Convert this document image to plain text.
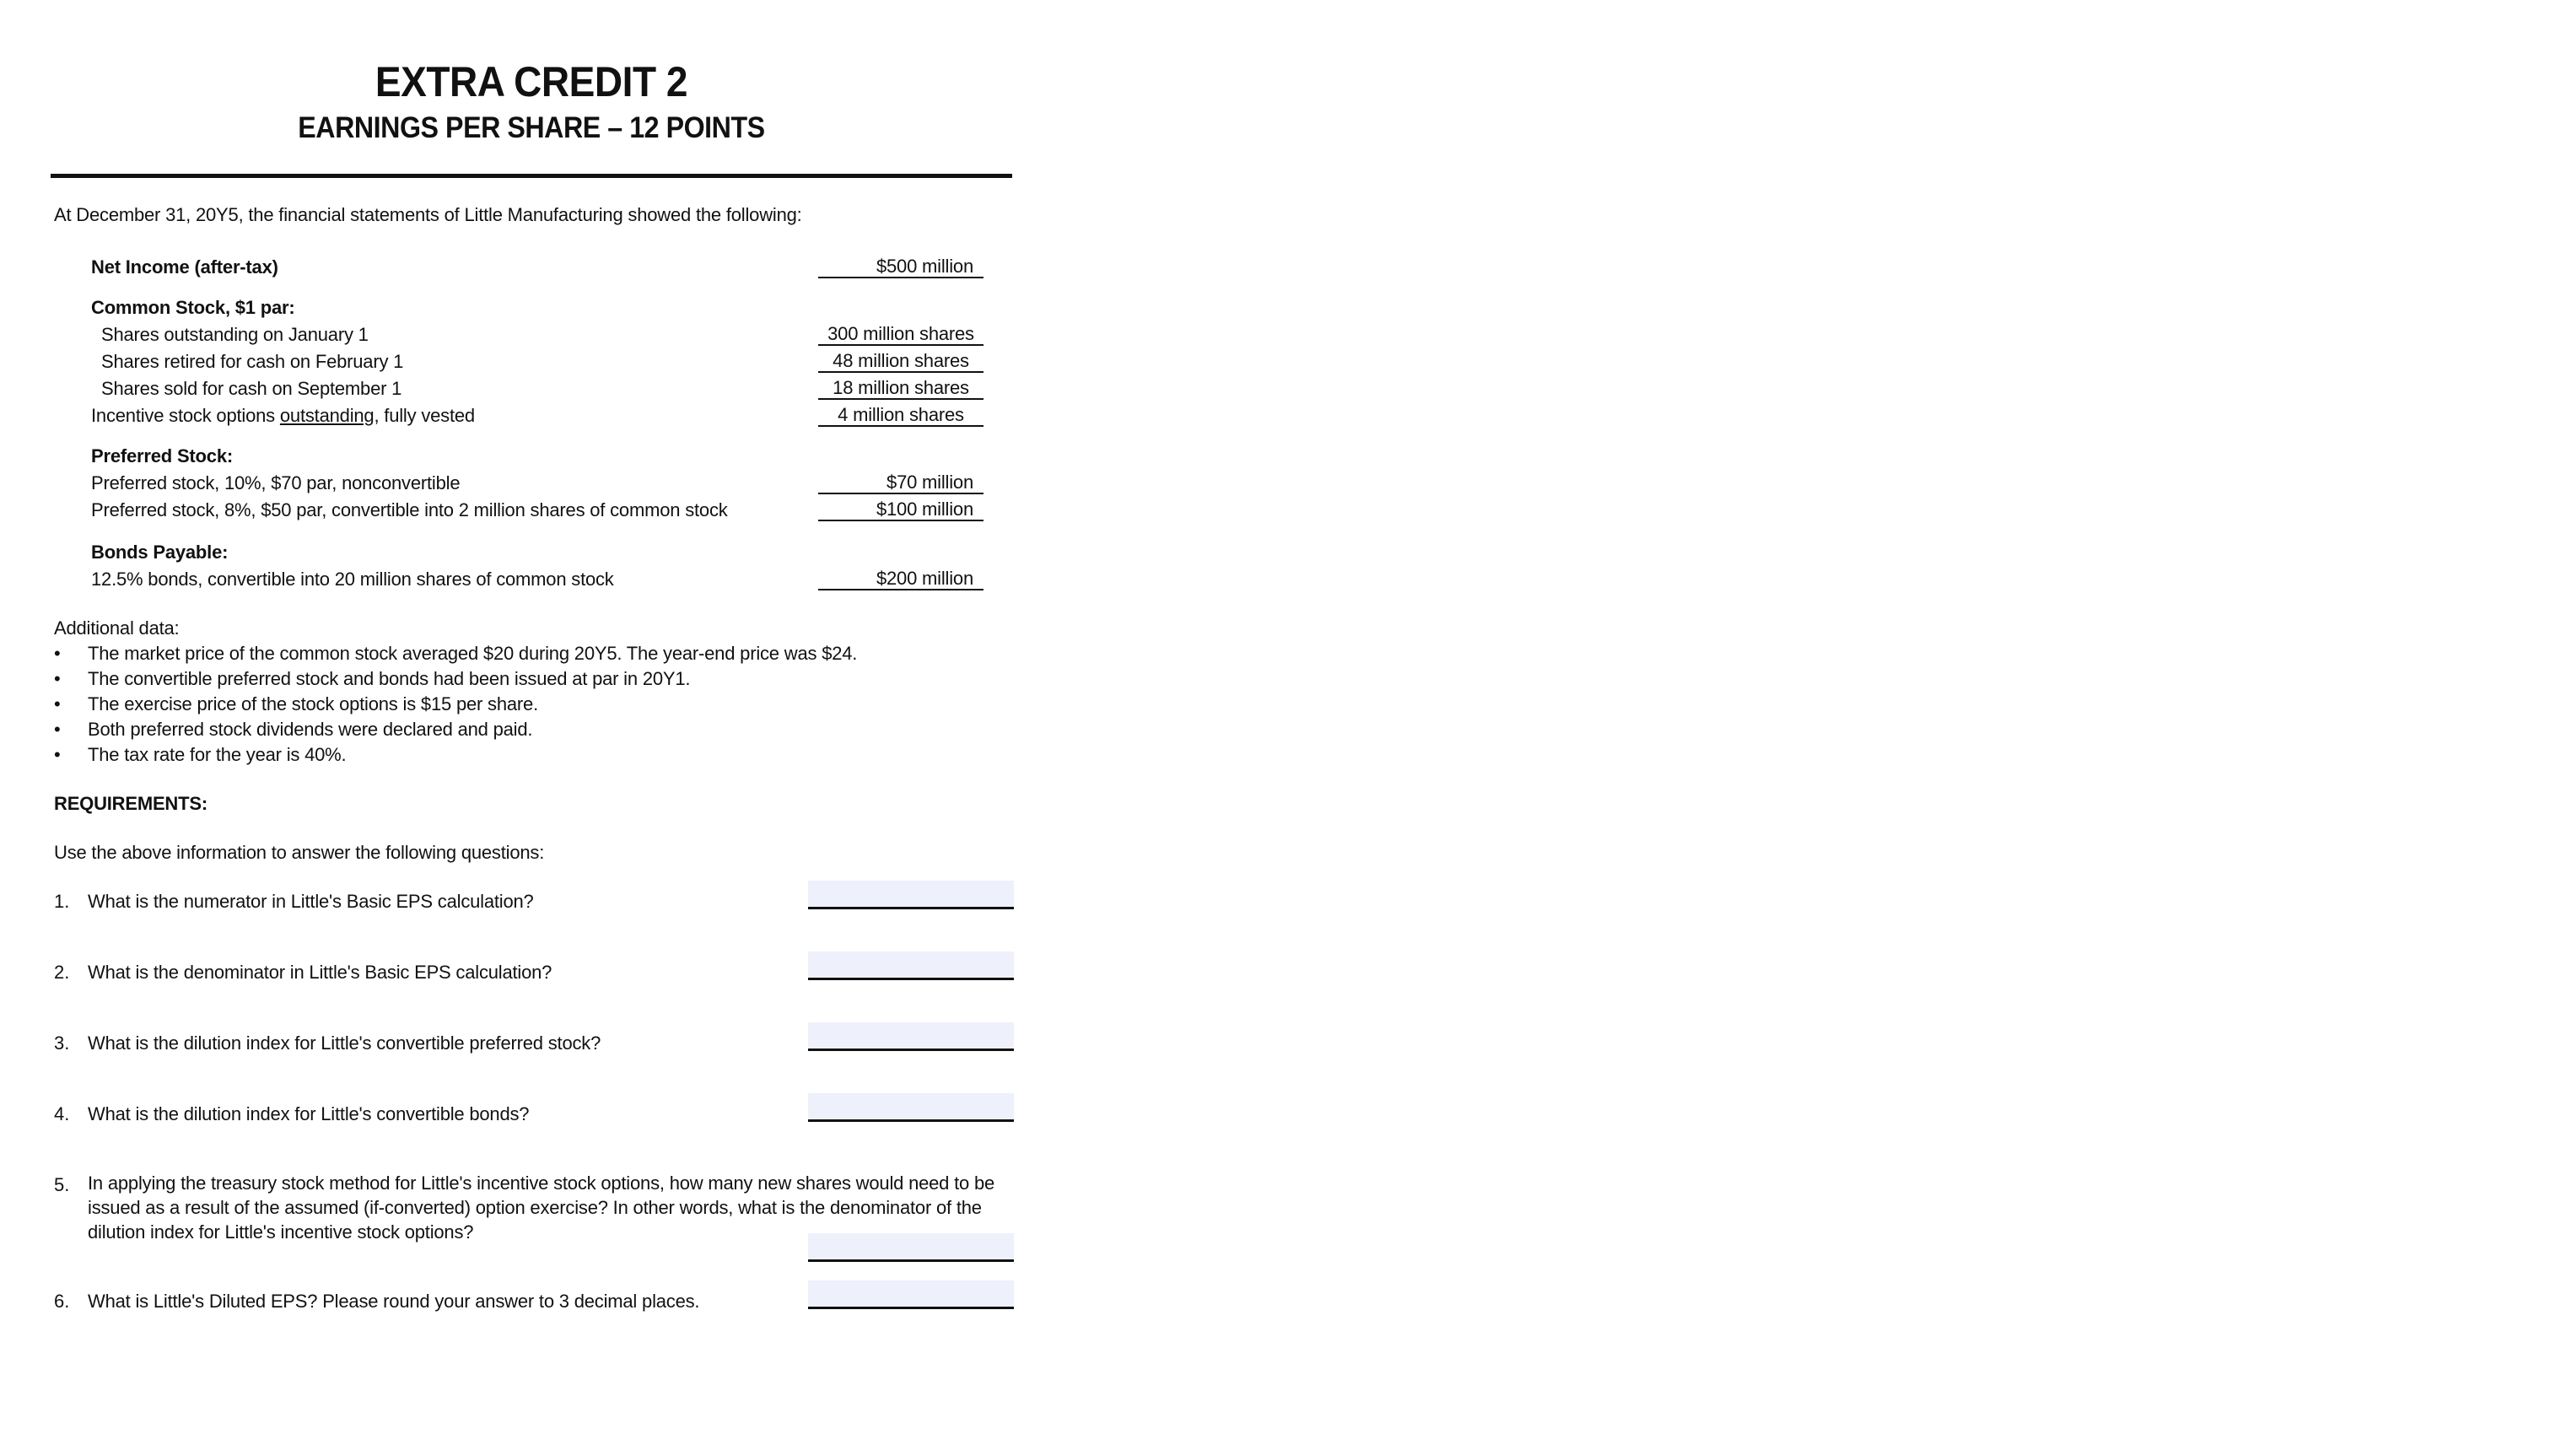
EXTRA CREDIT 2
EARNINGS PER SHARE – 12 POINTS
At December 31, 20Y5, the financial statements of Little Manufacturing showed the following:
Net Income (after-tax)	$500 million
Common Stock, $1 par:
Shares outstanding on January 1	300 million shares
Shares retired for cash on February 1	48 million shares
Shares sold for cash on September 1	18 million shares
Incentive stock options outstanding, fully vested	4 million shares
Preferred Stock:
Preferred stock, 10%, $70 par, nonconvertible	$70 million
Preferred stock, 8%, $50 par, convertible into 2 million shares of common stock	$100 million
Bonds Payable:
12.5% bonds, convertible into 20 million shares of common stock	$200 million
Additional data:
• The market price of the common stock averaged $20 during 20Y5. The year-end price was $24.
• The convertible preferred stock and bonds had been issued at par in 20Y1.
• The exercise price of the stock options is $15 per share.
• Both preferred stock dividends were declared and paid.
• The tax rate for the year is 40%.
REQUIREMENTS:
Use the above information to answer the following questions:
1. What is the numerator in Little's Basic EPS calculation?
2. What is the denominator in Little's Basic EPS calculation?
3. What is the dilution index for Little's convertible preferred stock?
4. What is the dilution index for Little's convertible bonds?
5. In applying the treasury stock method for Little's incentive stock options, how many new shares would need to be issued as a result of the assumed (if-converted) option exercise? In other words, what is the denominator of the dilution index for Little's incentive stock options?
6. What is Little's Diluted EPS? Please round your answer to 3 decimal places.
